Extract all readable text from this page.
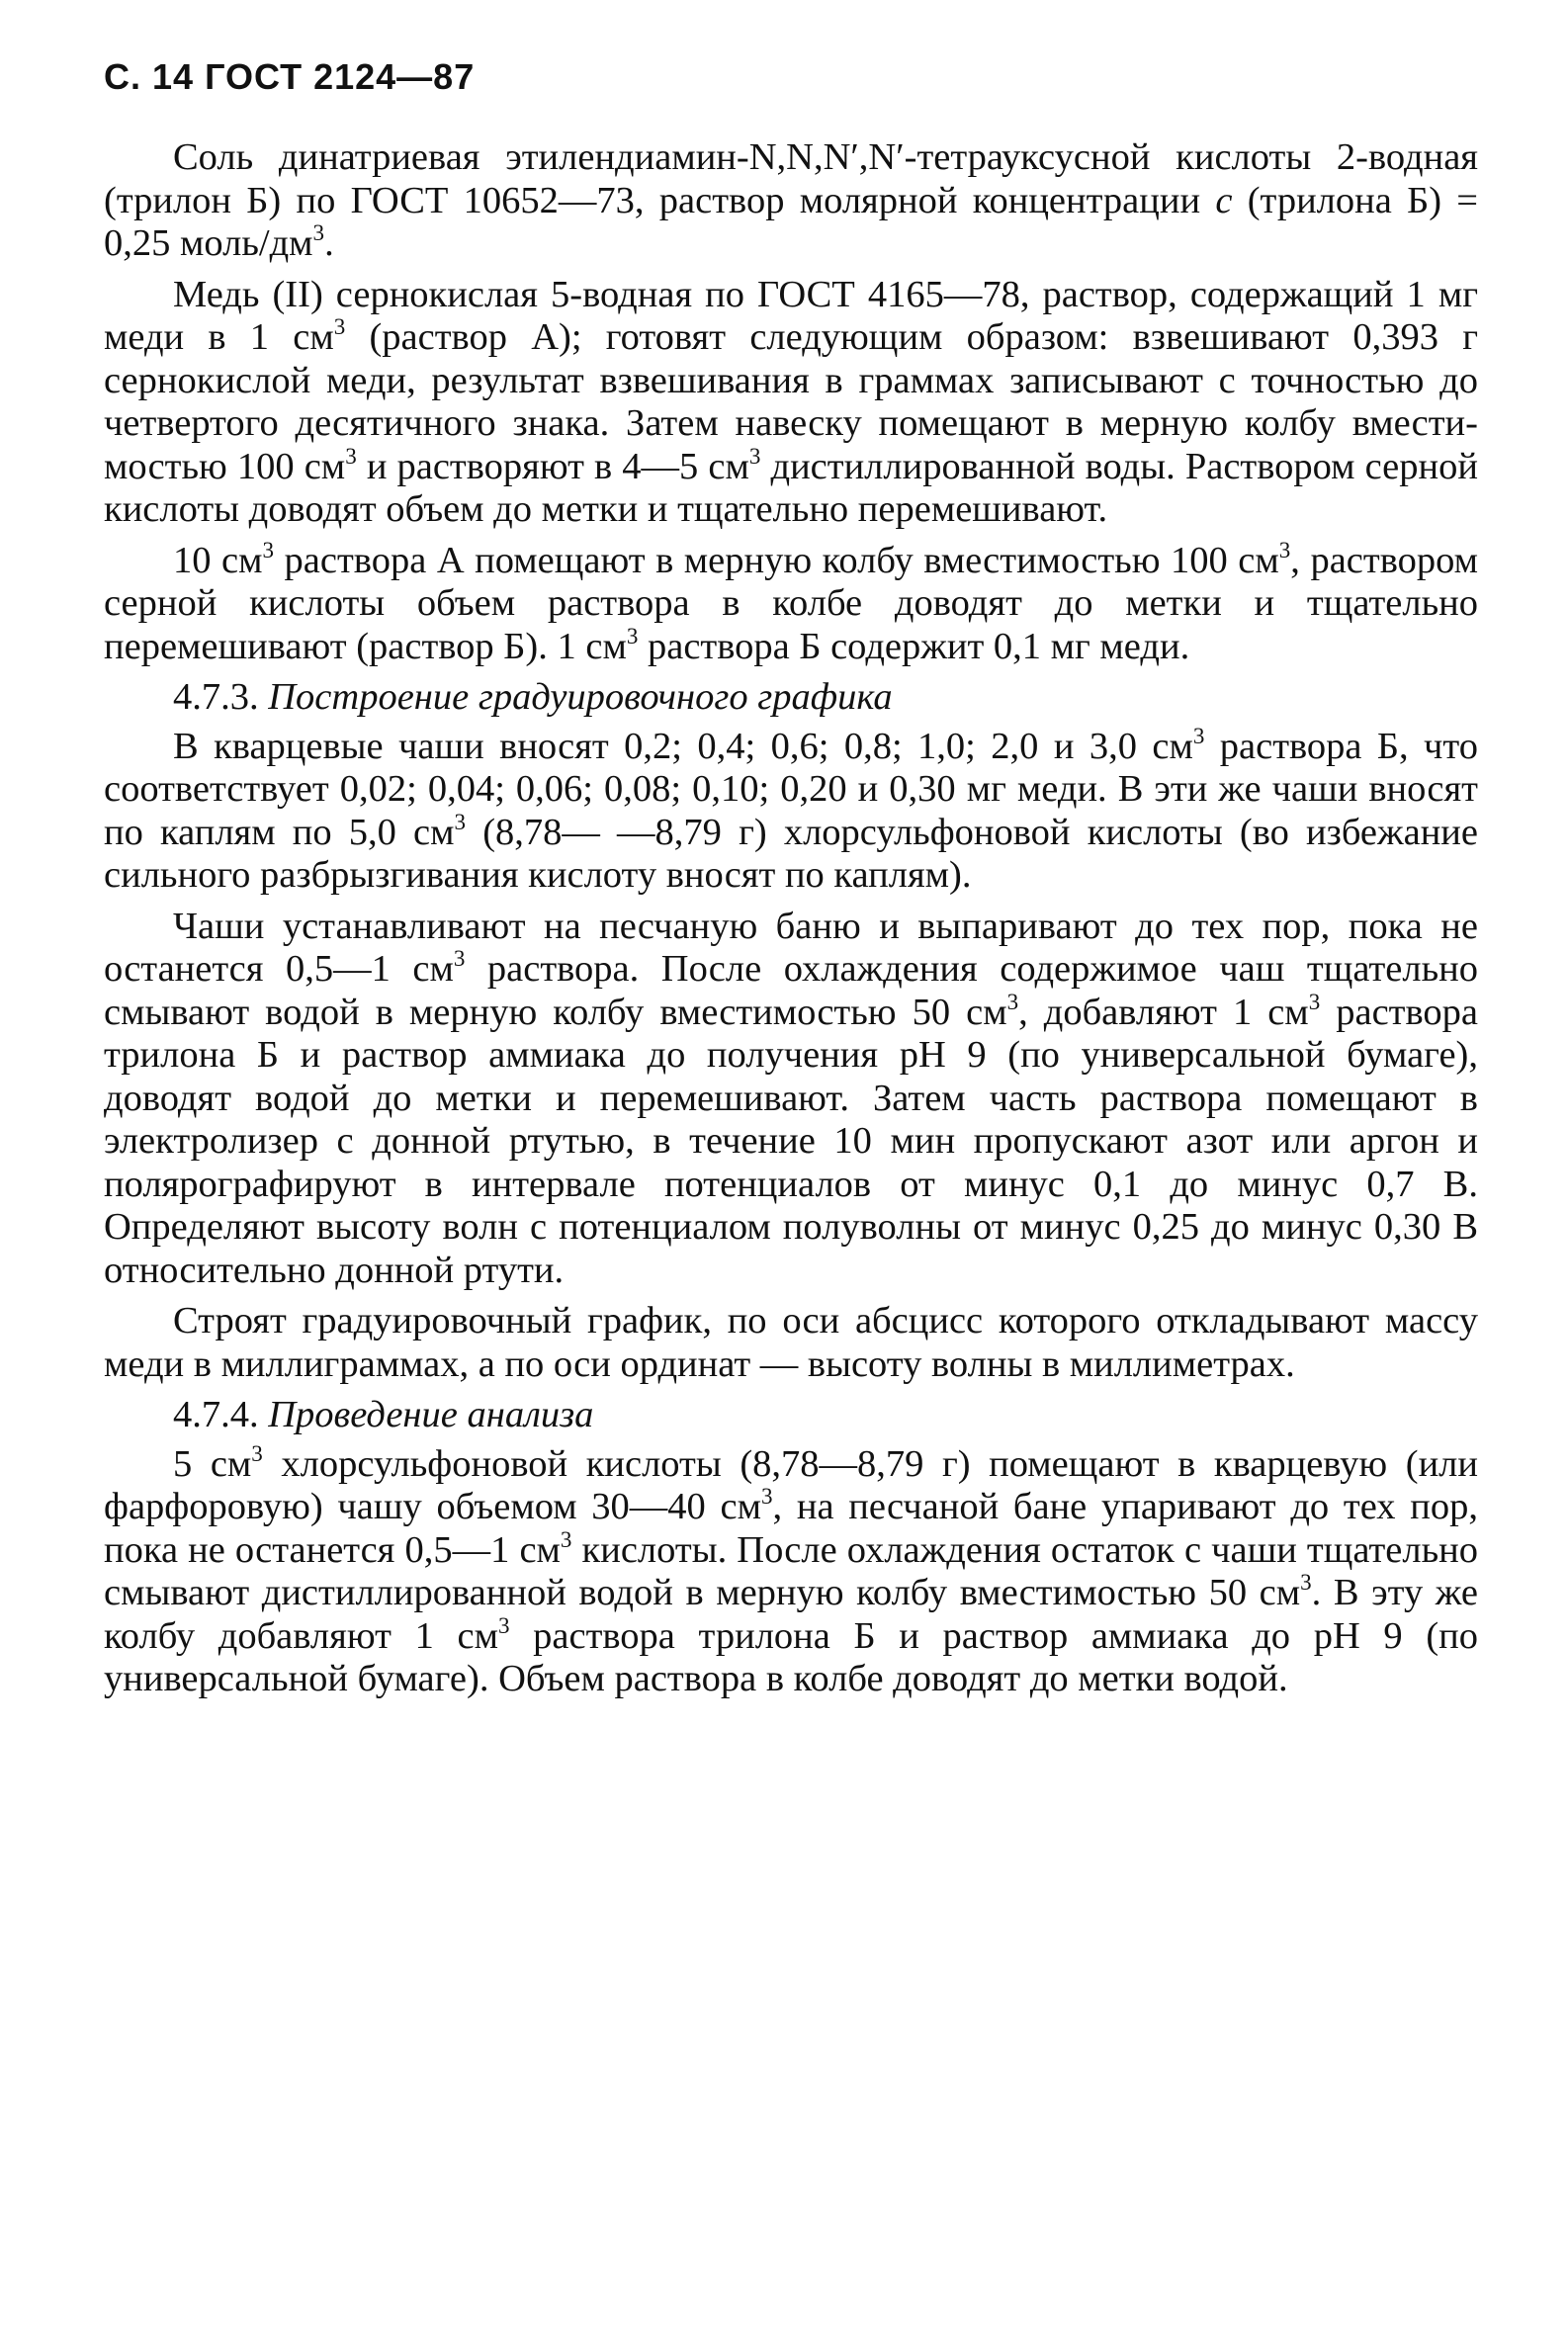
С. 14 ГОСТ 2124—87

Соль динатриевая этилендиамин-N,N,N′,N′-тетрауксусной кислоты 2-водная (трилон Б) по ГОСТ 10652—73, раствор молярной концентрации с (трилона Б) = 0,25 моль/$дм^3$.

Медь (II) сернокислая 5-водная по ГОСТ 4165—78, раствор, содержащий 1 мг меди в 1 $см^3$ (раствор А); готовят следующим образом: взвешивают 0,393 г сернокислой меди, результат взвешивания в граммах записывают с точностью до четвертого десятичного знака. Затем навеску помещают в мерную колбу вместимостью 100 $см^3$ и растворяют в 4—5 $см^3$ дистиллированной воды. Раствором серной кислоты доводят объем до метки и тщательно перемешивают.

10 $см^3$ раствора А помещают в мерную колбу вместимостью 100 $см^3$, раствором серной кислоты объем раствора в колбе доводят до метки и тщательно перемешивают (раствор Б). 1 $см^3$ раствора Б содержит 0,1 мг меди.

4.7.3. Построение градуировочного графика

В кварцевые чаши вносят 0,2; 0,4; 0,6; 0,8; 1,0; 2,0 и 3,0 $см^3$ раствора Б, что соответствует 0,02; 0,04; 0,06; 0,08; 0,10; 0,20 и 0,30 мг меди. В эти же чаши вносят по каплям по 5,0 $см^3$ (8,78— —8,79 г) хлорсульфоновой кислоты (во избежание сильного разбрызгивания кислоту вносят по каплям).

Чаши устанавливают на песчаную баню и выпаривают до тех пор, пока не останется 0,5—1 $см^3$ раствора. После охлаждения содержимое чаш тщательно смывают водой в мерную колбу вместимостью 50 $см^3$, добавляют 1 $см^3$ раствора трилона Б и раствор аммиака до получения pH 9 (по универсальной бумаге), доводят водой до метки и перемешивают. Затем часть раствора помещают в электролизер с донной ртутью, в течение 10 мин пропускают азот или аргон и полярографируют в интервале потенциалов от минус 0,1 до минус 0,7 В. Определяют высоту волн с потенциалом полуволны от минус 0,25 до минус 0,30 В относительно донной ртути.

Строят градуировочный график, по оси абсцисс которого откладывают массу меди в миллиграммах, а по оси ординат — высоту волны в миллиметрах.

4.7.4. Проведение анализа

5 $см^3$ хлорсульфоновой кислоты (8,78—8,79 г) помещают в кварцевую (или фарфоровую) чашу объемом 30—40 $см^3$, на песчаной бане упаривают до тех пор, пока не останется 0,5—1 $см^3$ кислоты. После охлаждения остаток с чаши тщательно смывают дистиллированной водой в мерную колбу вместимостью 50 $см^3$. В эту же колбу добавляют 1 $см^3$ раствора трилона Б и раствор аммиака до pH 9 (по универсальной бумаге). Объем раствора в колбе доводят до метки водой.
